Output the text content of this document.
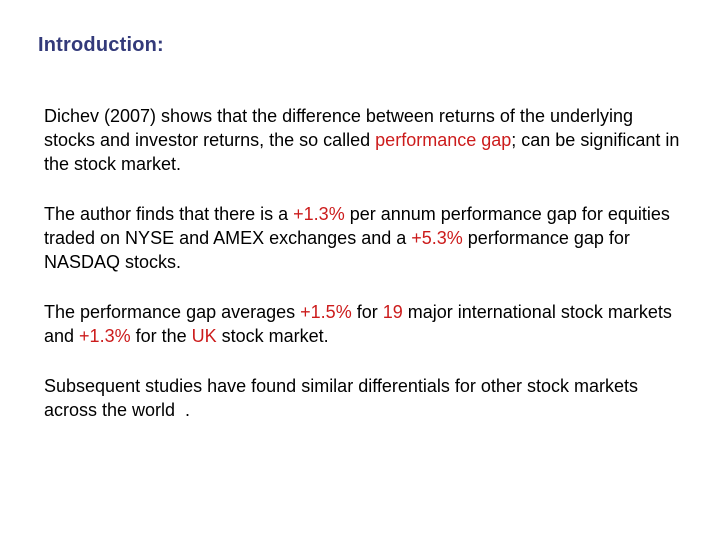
Introduction:

Dichev (2007) shows that the difference between returns of the underlying stocks and investor returns, the so called performance gap; can be significant in the stock market.

The author finds that there is a +1.3% per annum performance gap for equities traded on NYSE and AMEX exchanges and a +5.3% performance gap for NASDAQ stocks.

The performance gap averages +1.5% for 19 major international stock markets and +1.3% for the UK stock market.

Subsequent studies have found similar differentials for other stock markets across the world  .
